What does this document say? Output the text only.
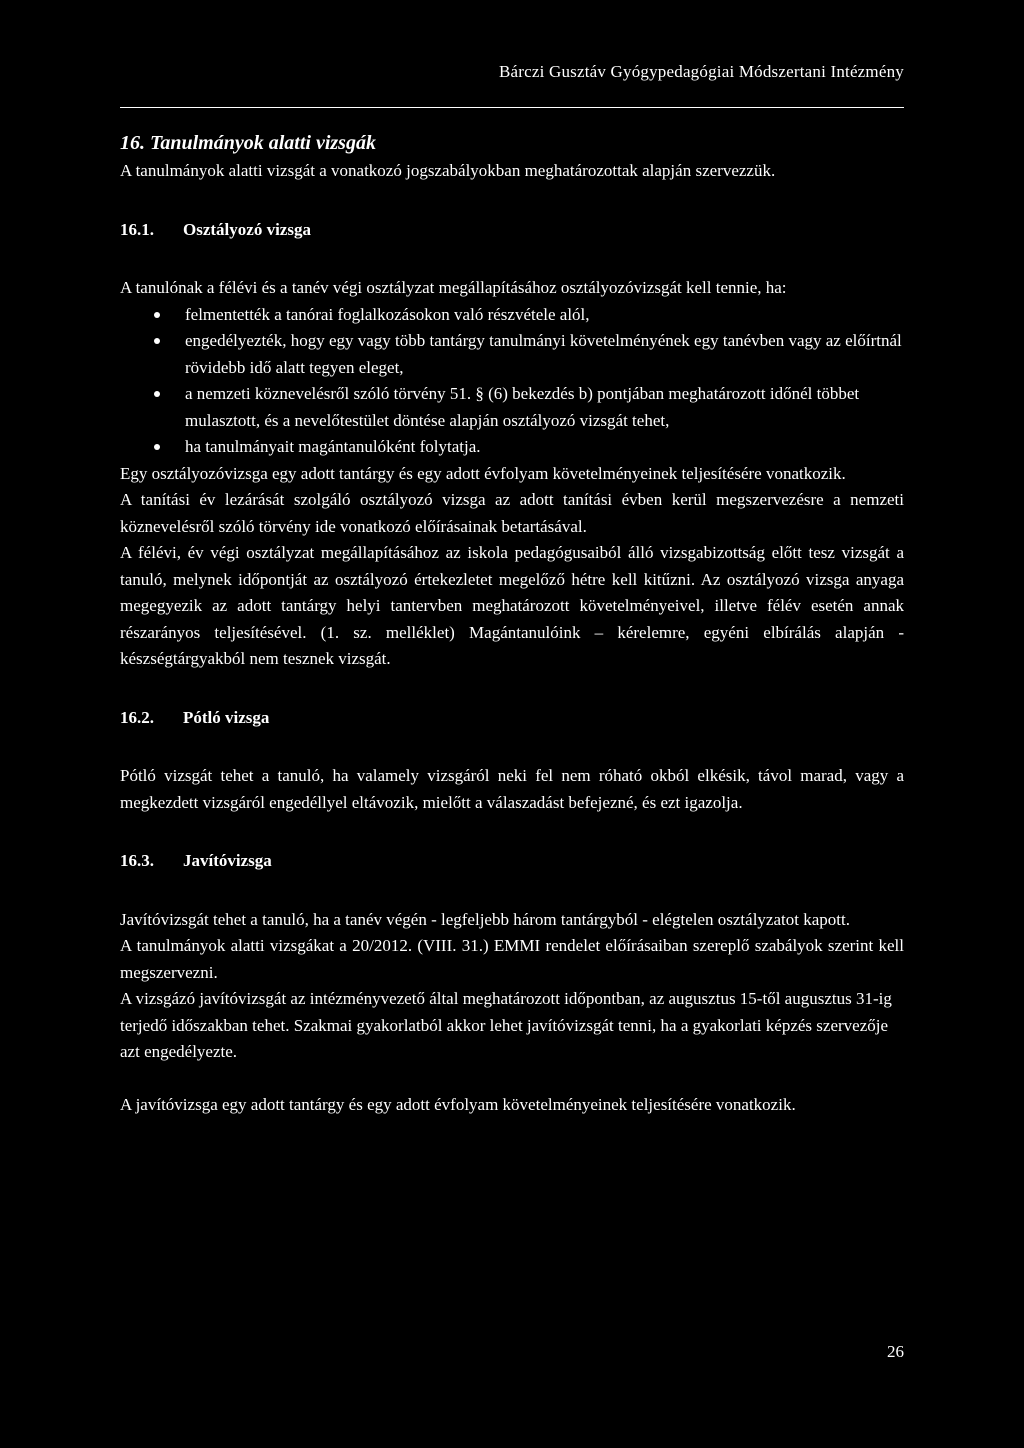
Bárczi Gusztáv Gyógypedagógiai Módszertani Intézmény
16. Tanulmányok alatti vizsgák

A tanulmányok alatti vizsgát a vonatkozó jogszabályokban meghatározottak alapján szervezzük.

16.1.	Osztályozó vizsga

A tanulónak a félévi és a tanév végi osztályzat megállapításához osztályozóvizsgát kell tennie, ha:

felmentették a tanórai foglalkozásokon való részvétele alól,
engedélyezték, hogy egy vagy több tantárgy tanulmányi követelményének egy tanévben vagy az előírtnál rövidebb idő alatt tegyen eleget,
a nemzeti köznevelésről szóló törvény 51. § (6) bekezdés b) pontjában meghatározott időnél többet mulasztott, és a nevelőtestület döntése alapján osztályozó vizsgát tehet,
ha tanulmányait magántanulóként folytatja.

Egy osztályozóvizsga egy adott tantárgy és egy adott évfolyam követelményeinek teljesítésére vonatkozik.

A tanítási év lezárását szolgáló osztályozó vizsga az adott tanítási évben kerül megszervezésre a nemzeti köznevelésről szóló törvény ide vonatkozó előírásainak betartásával.

A félévi, év végi osztályzat megállapításához az iskola pedagógusaiból álló vizsgabizottság előtt tesz vizsgát a tanuló, melynek időpontját az osztályozó értekezletet megelőző hétre kell kitűzni. Az osztályozó vizsga anyaga megegyezik az adott tantárgy helyi tantervben meghatározott követelményeivel, illetve félév esetén annak részarányos teljesítésével. (1. sz. melléklet) Magántanulóink – kérelemre, egyéni elbírálás alapján - készségtárgyakból nem tesznek vizsgát.

16.2.	Pótló vizsga

Pótló vizsgát tehet a tanuló, ha valamely vizsgáról neki fel nem róható okból elkésik, távol marad, vagy a megkezdett vizsgáról engedéllyel eltávozik, mielőtt a válaszadást befejezné, és ezt igazolja.

16.3.	Javítóvizsga

Javítóvizsgát tehet a tanuló, ha a tanév végén - legfeljebb három tantárgyból - elégtelen osztályzatot kapott.

A tanulmányok alatti vizsgákat a 20/2012. (VIII. 31.) EMMI rendelet előírásaiban szereplő szabályok szerint kell megszervezni.

A vizsgázó javítóvizsgát az intézményvezető által meghatározott időpontban, az augusztus 15-től augusztus 31-ig terjedő időszakban tehet. Szakmai gyakorlatból akkor lehet javítóvizsgát tenni, ha a gyakorlati képzés szervezője azt engedélyezte.

A javítóvizsga egy adott tantárgy és egy adott évfolyam követelményeinek teljesítésére vonatkozik.

26
